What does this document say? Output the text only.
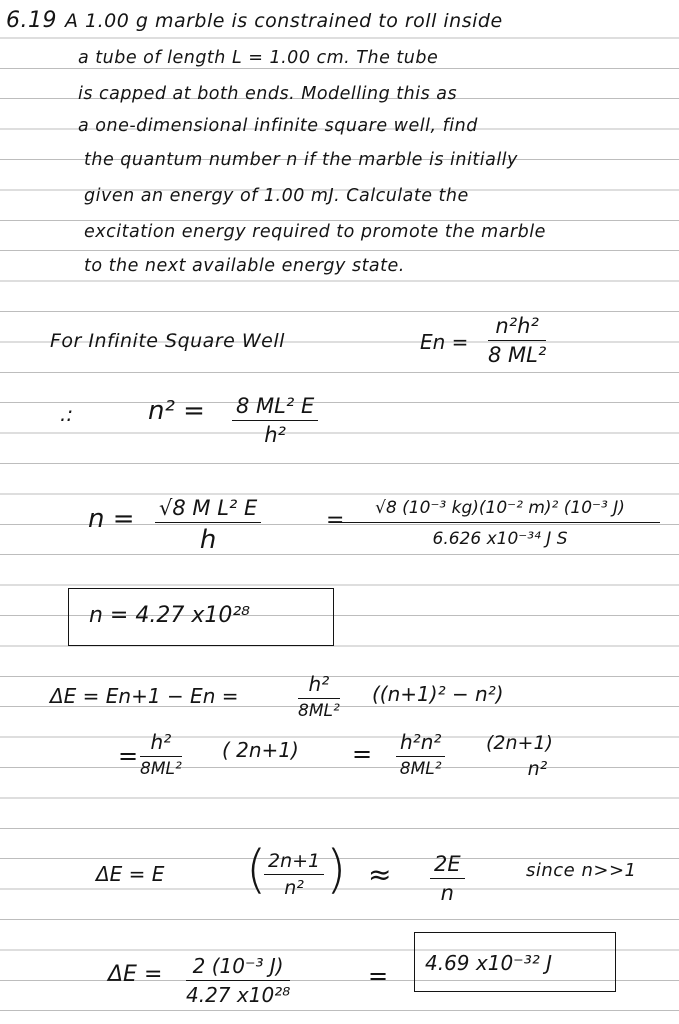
6.19 A 1.00 g marble is constrained to roll inside
a tube of length L = 1.00 cm. The tube
is capped at both ends. Modelling this as
a one-dimensional infinite square well, find
the quantum number n if the marble is initially
given an energy of 1.00 mJ. Calculate the
excitation energy required to promote the marble
to the next available energy state.
For Infinite Square Well	$En = \frac{\text{n²h²}}{\text{8 ML²}}$
.:	$n^2 = \frac{\text{8 ML² E}}{\text{h²}}$
n = √8 M L² E
h
=
$\frac{\text{√8 (10⁻³ kg)(10⁻² m)² (10⁻³ J)}}{\text{6.626 x10⁻³⁴ J S}}$
n = 4.27 x10²⁸
ΔE = En+1 − En =	$\frac{\text{h²}}{\text{8ML²}} ((n+1)^2 - n^2)$
= $\frac{\text{h²}}{\text{8ML²}}$ ( $2n+1) = \frac{\text{h²n²}}{\text{8ML²}} (2n+1)$
n²
ΔE = E (
$\frac{2n+1}{\text{n²}}$ ) ≈ $\frac{2E}{n}$	since n>>1
$\Delta E = \frac{\text{2 (10⁻³ J)}}{\text{4.27 x10²⁸}}$	= 4.69 x10⁻³² J
